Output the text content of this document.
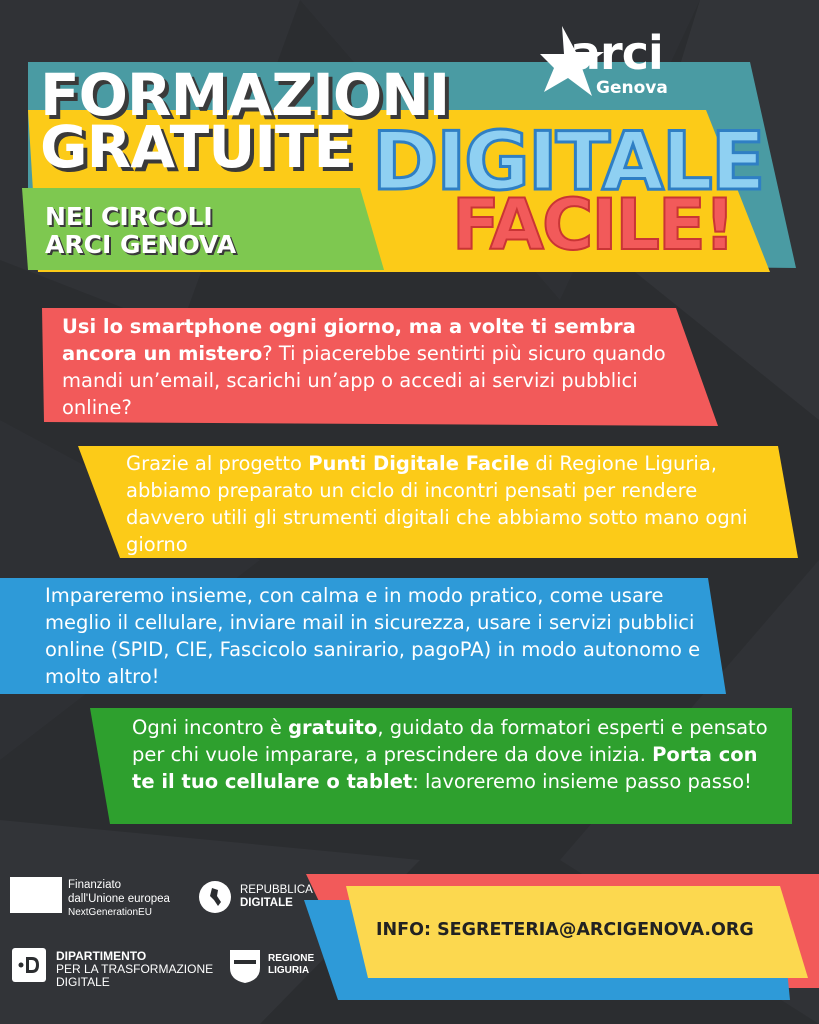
arci
Genova
FORMAZIONI
GRATUITE DIGITALE
FACILE!
NEI CIRCOLI
ARCI GENOVA
Usi lo smartphone ogni giorno, ma a volte ti sembra ancora un mistero? Ti piacerebbe sentirti più sicuro quando mandi un’email, scarichi un’app o accedi ai servizi pubblici online?
Grazie al progetto Punti Digitale Facile di Regione Liguria, abbiamo preparato un ciclo di incontri pensati per rendere davvero utili gli strumenti digitali che abbiamo sotto mano ogni giorno
Impareremo insieme, con calma e in modo pratico, come usare meglio il cellulare, inviare mail in sicurezza, usare i servizi pubblici online (SPID, CIE, Fascicolo sanirario, pagoPA) in modo autonomo e molto altro!
Ogni incontro è gratuito, guidato da formatori esperti e pensato per chi vuole imparare, a prescindere da dove inizia. Porta con te il tuo cellulare o tablet: lavoreremo insieme passo passo!
Finanziato
dall'Unione europea
NextGenerationEU
REPUBBLICA
DIGITALE
DIPARTIMENTO
PER LA TRASFORMAZIONE
DIGITALE
REGIONE
LIGURIA
INFO: SEGRETERIA@ARCIGENOVA.ORG
